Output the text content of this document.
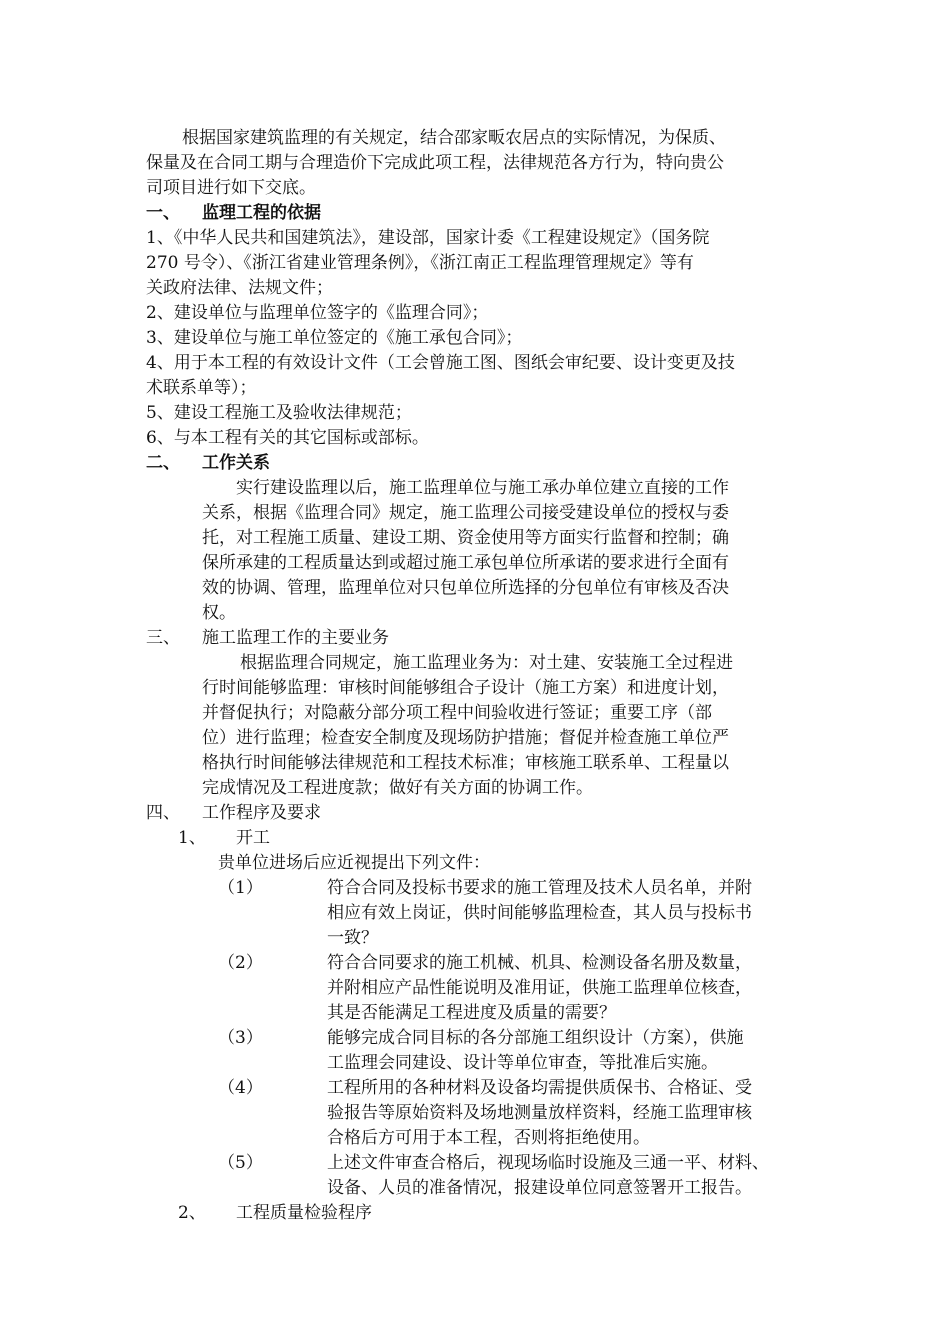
根据国家建筑监理的有关规定，结合邵家畈农居点的实际情况，为保质、
保量及在合同工期与合理造价下完成此项工程，法律规范各方行为，特向贵公
司项目进行如下交底。
一、 监理工程的依据
1、《中华人民共和国建筑法》，建设部，国家计委《工程建设规定》（国务院
270 号令）、《浙江省建业管理条例》，《浙江南正工程监理管理规定》等有
关政府法律、法规文件；
2、建设单位与监理单位签字的《监理合同》；
3、建设单位与施工单位签定的《施工承包合同》；
4、用于本工程的有效设计文件（工会曾施工图、图纸会审纪要、设计变更及技
术联系单等）；
5、建设工程施工及验收法律规范；
6、与本工程有关的其它国标或部标。
二、 工作关系
实行建设监理以后，施工监理单位与施工承办单位建立直接的工作
关系，根据《监理合同》规定，施工监理公司接受建设单位的授权与委
托，对工程施工质量、建设工期、资金使用等方面实行监督和控制；确
保所承建的工程质量达到或超过施工承包单位所承诺的要求进行全面有
效的协调、管理，监理单位对只包单位所选择的分包单位有审核及否决
权。
三、 施工监理工作的主要业务
根据监理合同规定，施工监理业务为：对土建、安装施工全过程进
行时间能够监理：审核时间能够组合子设计（施工方案）和进度计划，
并督促执行；对隐蔽分部分项工程中间验收进行签证；重要工序（部
位）进行监理；检查安全制度及现场防护措施；督促并检查施工单位严
格执行时间能够法律规范和工程技术标准；审核施工联系单、工程量以
完成情况及工程进度款；做好有关方面的协调工作。
四、 工作程序及要求
1、 开工
贵单位进场后应近视提出下列文件：
（1）	符合合同及投标书要求的施工管理及技术人员名单，并附
相应有效上岗证，供时间能够监理检查，其人员与投标书
一致？
（2）	符合合同要求的施工机械、机具、检测设备名册及数量，
并附相应产品性能说明及准用证，供施工监理单位核查，
其是否能满足工程进度及质量的需要？
（3）	能够完成合同目标的各分部施工组织设计（方案），供施
工监理会同建设、设计等单位审查，等批准后实施。
（4）	工程所用的各种材料及设备均需提供质保书、合格证、受
验报告等原始资料及场地测量放样资料，经施工监理审核
合格后方可用于本工程，否则将拒绝使用。
（5）	上述文件审查合格后，视现场临时设施及三通一平、材料、
设备、人员的准备情况，报建设单位同意签署开工报告。
2、 工程质量检验程序
